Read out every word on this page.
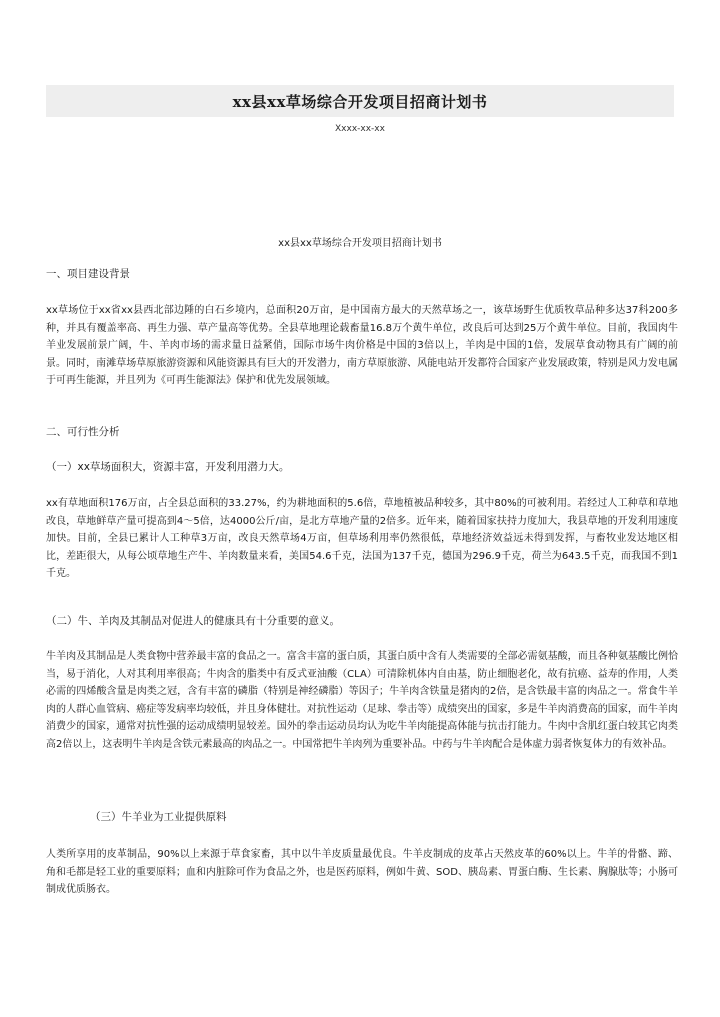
xx县xx草场综合开发项目招商计划书
Xxxx-xx-xx
xx县xx草场综合开发项目招商计划书
一、项目建设背景
xx草场位于xx省xx县西北部边陲的白石乡境内，总面积20万亩，是中国南方最大的天然草场之一，该草场野生优质牧草品种多达37科200多种，并具有覆盖率高、再生力强、草产量高等优势。全县草地理论载畜量16.8万个黄牛单位，改良后可达到25万个黄牛单位。目前，我国肉牛羊业发展前景广阔，牛、羊肉市场的需求量日益紧俏，国际市场牛肉价格是中国的3倍以上，羊肉是中国的1倍，发展草食动物具有广阔的前景。同时，南滩草场草原旅游资源和风能资源具有巨大的开发潜力，南方草原旅游、风能电站开发都符合国家产业发展政策，特别是风力发电属于可再生能源，并且列为《可再生能源法》保护和优先发展领域。
二、可行性分析
（一）xx草场面积大，资源丰富，开发利用潜力大。
xx有草地面积176万亩，占全县总面积的33.27%，约为耕地面积的5.6倍，草地植被品种较多，其中80%的可被利用。若经过人工种草和草地改良，草地鲜草产量可提高到4～5倍，达4000公斤/亩，是北方草地产量的2倍多。近年来，随着国家扶持力度加大，我县草地的开发利用速度加快。目前，全县已累计人工种草3万亩，改良天然草场4万亩，但草场利用率仍然很低，草地经济效益远未得到发挥，与畜牧业发达地区相比，差距很大，从每公顷草地生产牛、羊肉数量来看，美国54.6千克，法国为137千克，德国为296.9千克，荷兰为643.5千克，而我国不到1千克。
（二）牛、羊肉及其制品对促进人的健康具有十分重要的意义。
牛羊肉及其制品是人类食物中营养最丰富的食品之一。富含丰富的蛋白质，其蛋白质中含有人类需要的全部必需氨基酸，而且各种氨基酸比例恰当，易于消化，人对其利用率很高；牛肉含的脂类中有反式亚油酸（CLA）可清除机体内自由基，防止细胞老化，故有抗癌、益寿的作用，人类必需的四烯酸含量是肉类之冠，含有丰富的磷脂（特别是神经磷脂）等因子；牛羊肉含铁量是猪肉的2倍，是含铁最丰富的肉品之一。常食牛羊肉的人群心血管病、癌症等发病率均较低，并且身体健壮。对抗性运动（足球、拳击等）成绩突出的国家，多是牛羊肉消费高的国家，而牛羊肉消费少的国家，通常对抗性强的运动成绩明显较差。国外的拳击运动员均认为吃牛羊肉能提高体能与抗击打能力。牛肉中含肌红蛋白较其它肉类高2倍以上，这表明牛羊肉是含铁元素最高的肉品之一。中国常把牛羊肉列为重要补品。中药与牛羊肉配合是体虚力弱者恢复体力的有效补品。
（三）牛羊业为工业提供原料
人类所享用的皮革制品，90%以上来源于草食家畜，其中以牛羊皮质量最优良。牛羊皮制成的皮革占天然皮革的60%以上。牛羊的骨骼、蹄、角和毛都是轻工业的重要原料；血和内脏除可作为食品之外，也是医药原料，例如牛黄、SOD、胰岛素、胃蛋白酶、生长素、胸腺肽等；小肠可制成优质肠衣。
